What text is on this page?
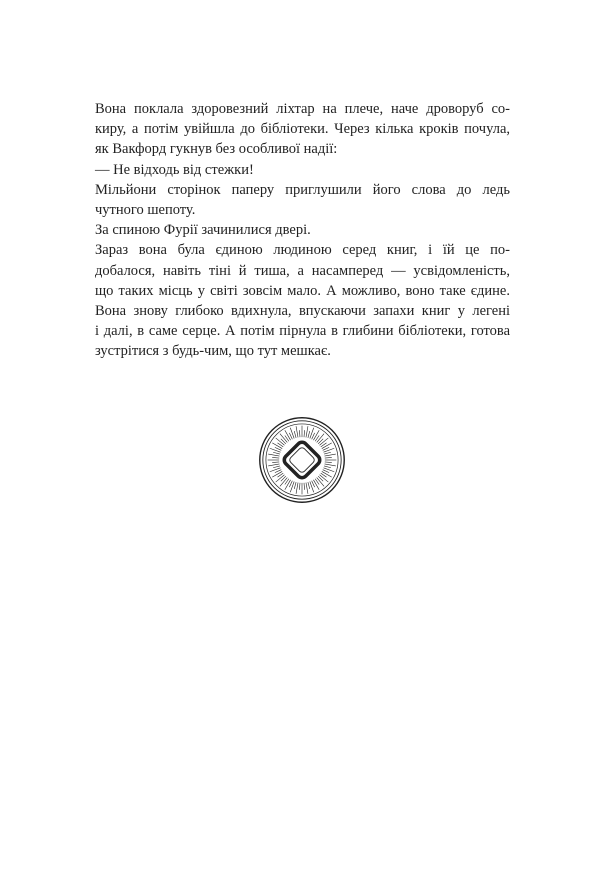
Вона поклала здоровезний ліхтар на плече, наче дроворуб со-
киру, а потім увійшла до бібліотеки. Через кілька кроків почула,
як Вакфорд гукнув без особливої надії:
— Не відходь від стежки!
Мільйони сторінок паперу приглушили його слова до ледь
чутного шепоту.
За спиною Фурії зачинилися двері.
Зараз вона була єдиною людиною серед книг, і їй це по-
добалося, навіть тіні й тиша, а насамперед — усвідомленість,
що таких місць у світі зовсім мало. А можливо, воно таке єдине.
Вона знову глибоко вдихнула, впускаючи запахи книг у легені
і далі, в саме серце. А потім пірнула в глибини бібліотеки, готова
зустрітися з будь-чим, що тут мешкає.
